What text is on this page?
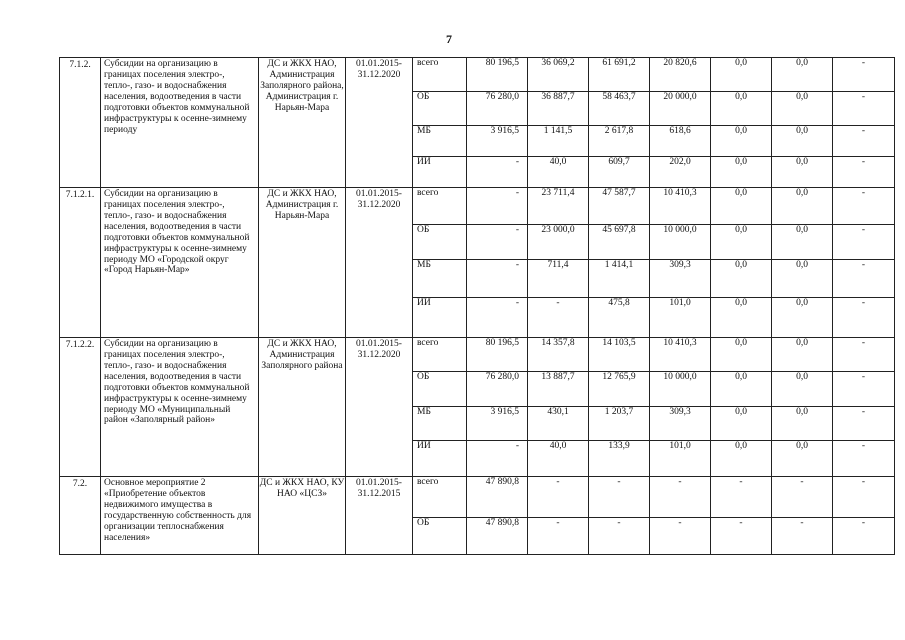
7
7.1.2.	Субсидии на организацию в границах поселения электро-, тепло-, газо- и водоснабжения населения, водоотведения в части подготовки объектов коммунальной инфраструктуры к осенне-зимнему периоду	ДС и ЖКХ НАО, Администрация Заполярного района, Администрация г. Нарьян-Мара	01.01.2015-31.12.2020	всего	80 196,5	36 069,2	61 691,2	20 820,6	0,0	0,0	-
				ОБ	76 280,0	36 887,7	58 463,7	20 000,0	0,0	0,0	-
				МБ	3 916,5	1 141,5	2 617,8	618,6	0,0	0,0	-
				ИИ	-	40,0	609,7	202,0	0,0	0,0	-
7.1.2.1.	Субсидии на организацию в границах поселения электро-, тепло-, газо- и водоснабжения населения, водоотведения в части подготовки объектов коммунальной инфраструктуры к осенне-зимнему периоду МО «Городской округ «Город Нарьян-Мар»	ДС и ЖКХ НАО, Администрация г. Нарьян-Мара	01.01.2015-31.12.2020	всего	-	23 711,4	47 587,7	10 410,3	0,0	0,0	-
				ОБ	-	23 000,0	45 697,8	10 000,0	0,0	0,0	-
				МБ	-	711,4	1 414,1	309,3	0,0	0,0	-
				ИИ	-	-	475,8	101,0	0,0	0,0	-
7.1.2.2.	Субсидии на организацию в границах поселения электро-, тепло-, газо- и водоснабжения населения, водоотведения в части подготовки объектов коммунальной инфраструктуры к осенне-зимнему периоду МО «Муниципальный район «Заполярный район»	ДС и ЖКХ НАО, Администрация Заполярного района	01.01.2015-31.12.2020	всего	80 196,5	14 357,8	14 103,5	10 410,3	0,0	0,0	-
				ОБ	76 280,0	13 887,7	12 765,9	10 000,0	0,0	0,0	-
				МБ	3 916,5	430,1	1 203,7	309,3	0,0	0,0	-
				ИИ	-	40,0	133,9	101,0	0,0	0,0	-
7.2.	Основное мероприятие 2 «Приобретение объектов недвижимого имущества в государственную собственность для организации теплоснабжения населения»	ДС и ЖКХ НАО, КУ НАО «ЦСЗ»	01.01.2015-31.12.2015	всего	47 890,8	-	-	-	-	-	-
				ОБ	47 890,8	-	-	-	-	-	-
